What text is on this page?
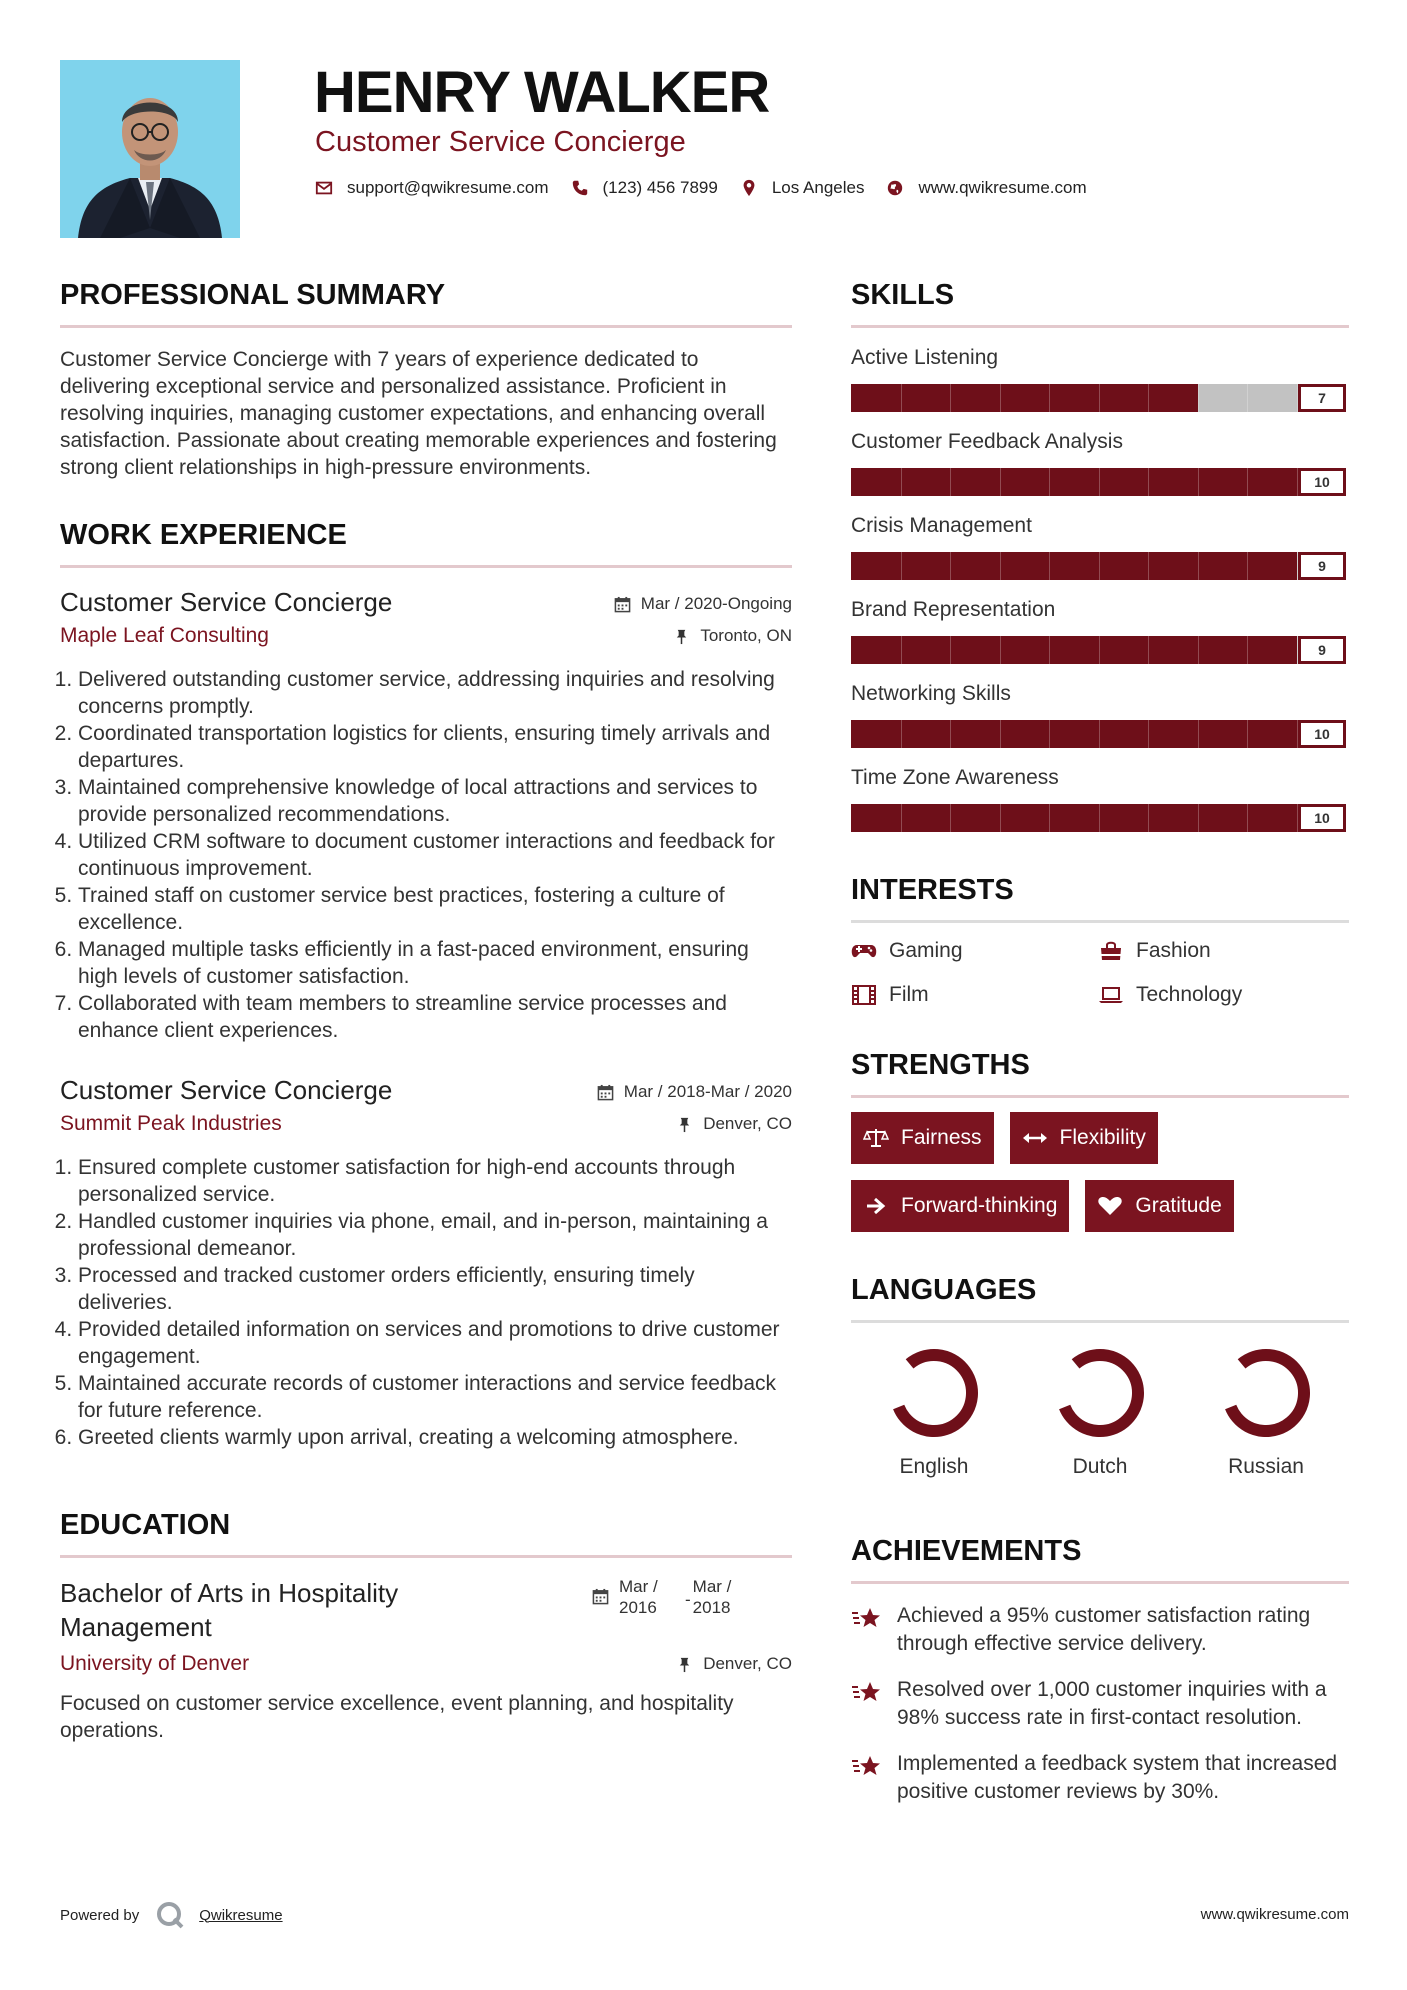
HENRY WALKER
Customer Service Concierge
support@qwikresume.com	(123) 456 7899	Los Angeles	www.qwikresume.com
PROFESSIONAL SUMMARY

Customer Service Concierge with 7 years of experience dedicated to delivering exceptional service and personalized assistance. Proficient in resolving inquiries, managing customer expectations, and enhancing overall satisfaction. Passionate about creating memorable experiences and fostering strong client relationships in high-pressure environments.

WORK EXPERIENCE
Customer Service Concierge	Mar / 2020-Ongoing
Maple Leaf Consulting	Toronto, ON
1. Delivered outstanding customer service, addressing inquiries and resolving concerns promptly.
2. Coordinated transportation logistics for clients, ensuring timely arrivals and departures.
3. Maintained comprehensive knowledge of local attractions and services to provide personalized recommendations.
4. Utilized CRM software to document customer interactions and feedback for continuous improvement.
5. Trained staff on customer service best practices, fostering a culture of excellence.
6. Managed multiple tasks efficiently in a fast-paced environment, ensuring high levels of customer satisfaction.
7. Collaborated with team members to streamline service processes and enhance client experiences.
Customer Service Concierge	Mar / 2018-Mar / 2020
Summit Peak Industries	Denver, CO
1. Ensured complete customer satisfaction for high-end accounts through personalized service.
2. Handled customer inquiries via phone, email, and in-person, maintaining a professional demeanor.
3. Processed and tracked customer orders efficiently, ensuring timely deliveries.
4. Provided detailed information on services and promotions to drive customer engagement.
5. Maintained accurate records of customer interactions and service feedback for future reference.
6. Greeted clients warmly upon arrival, creating a welcoming atmosphere.
EDUCATION
Bachelor of Arts in Hospitality Management
Mar /
2016	-
Mar /
2018
University of Denver	Denver, CO

Focused on customer service excellence, event planning, and hospitality operations.

SKILLS
Active Listening
7
Customer Feedback Analysis
10
Crisis Management
9
Brand Representation
9
Networking Skills
10
Time Zone Awareness
10
INTERESTS
Gaming	Fashion
Film	Technology
STRENGTHS
Fairness	Flexibility
Forward-thinking	Gratitude
LANGUAGES
English	Dutch	Russian
ACHIEVEMENTS
Achieved a 95% customer satisfaction rating through effective service delivery.
Resolved over 1,000 customer inquiries with a 98% success rate in first-contact resolution.
Implemented a feedback system that increased positive customer reviews by 30%.
Powered by	Qwikresume	www.qwikresume.com
